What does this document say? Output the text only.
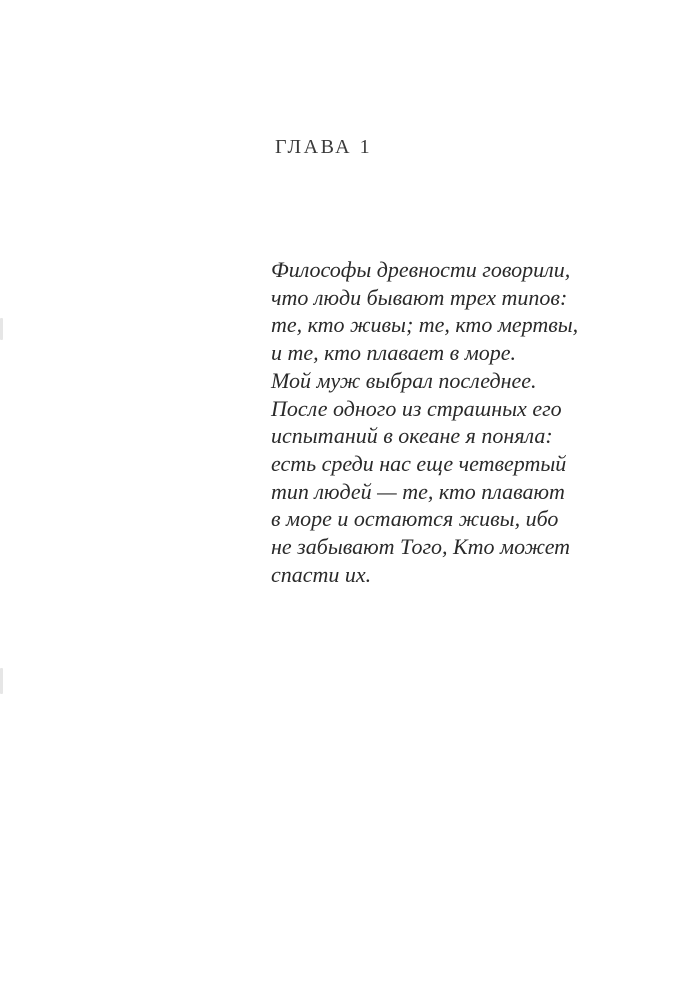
ГЛАВА 1
Философы древности говорили,
что люди бывают трех типов:
те, кто живы; те, кто мертвы,
и те, кто плавает в море.
Мой муж выбрал последнее.
После одного из страшных его
испытаний в океане я поняла:
есть среди нас еще четвертый
тип людей — те, кто плавают
в море и остаются живы, ибо
не забывают Того, Кто может
спасти их.
